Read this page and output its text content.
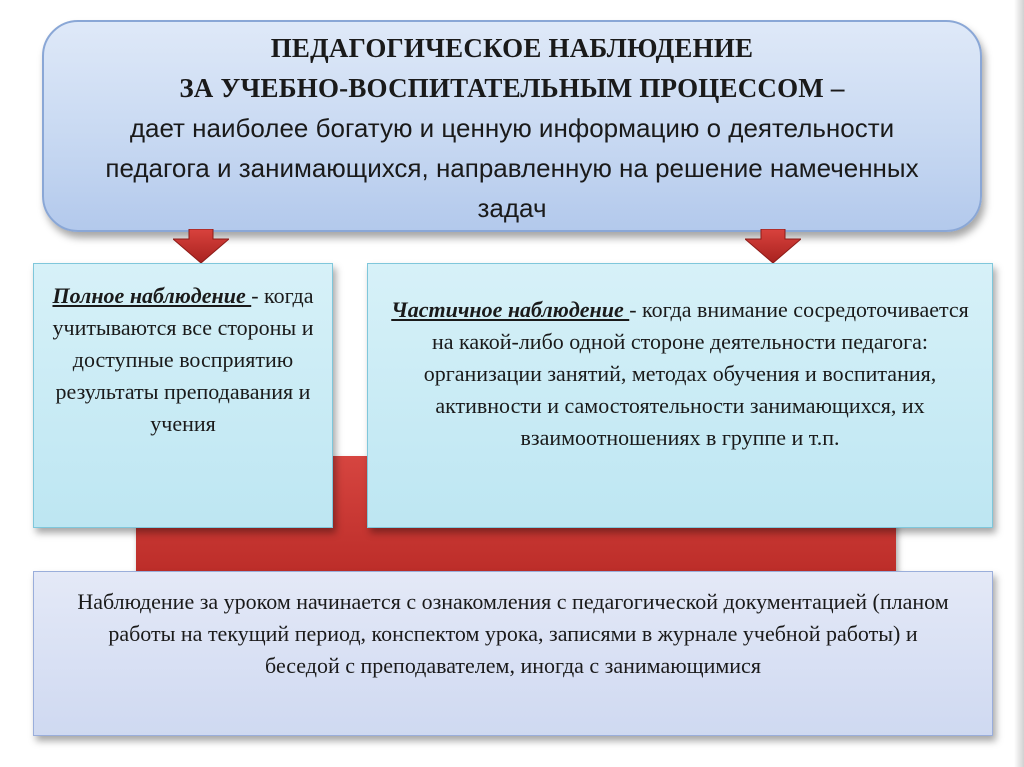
ПЕДАГОГИЧЕСКОЕ НАБЛЮДЕНИЕ
ЗА УЧЕБНО-ВОСПИТАТЕЛЬНЫМ ПРОЦЕССОМ –
дает наиболее богатую и ценную информацию о деятельности педагога и занимающихся, направленную на решение намеченных задач
Полное наблюдение - когда учитываются все стороны и доступные восприятию результаты преподавания и учения
Частичное наблюдение - когда внимание сосредоточивается на какой-либо одной стороне деятельности педагога: организации занятий, методах обучения и воспитания, активности и самостоятельности занимающихся, их взаимоотношениях в группе и т.п.
Наблюдение за уроком начинается с ознакомления с педагогической документацией (планом работы на текущий период, конспектом урока, записями в журнале учебной работы) и беседой с преподавателем, иногда с занимающимися
